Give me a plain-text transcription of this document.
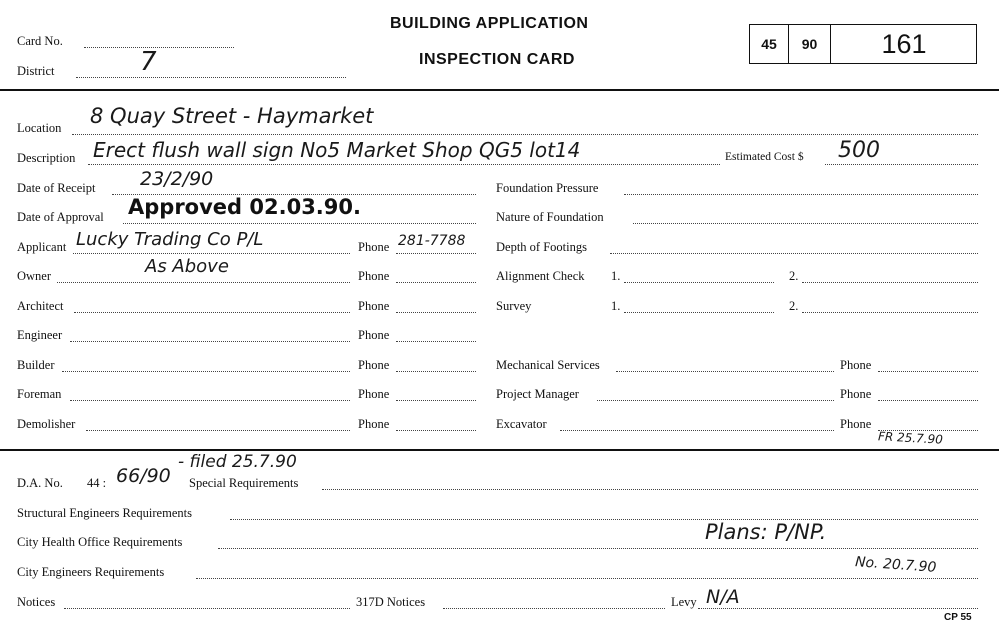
Card No.
District	7
BUILDING APPLICATION
INSPECTION CARD
45	90	161
Location 8 Quay Street - Haymarket
Description Erect flush wall sign No5 Market Shop QG5 lot14	Estimated Cost $ 500
Date of Receipt 23/2/90
Date of Approval Approved 02.03.90.
Applicant Lucky Trading Co P/L	Phone 281-7788
Owner	As Above	Phone
Architect	Phone
Engineer	Phone
Builder	Phone
Foreman	Phone
Demolisher	Phone
Foundation Pressure
Nature of Foundation
Depth of Footings
Alignment Check 1.	2.
Survey	1.	2.
Mechanical Services	Phone
Project Manager	Phone
Excavator	Phone
FR 25.7.90
D.A. No. 44 : 66/90
- filed 25.7.90
Special Requirements
Structural Engineers Requirements
City Health Office Requirements	Plans: P/NP.
City Engineers Requirements	No. 20.7.90
Notices	317D Notices	Levy N/A
CP 55
